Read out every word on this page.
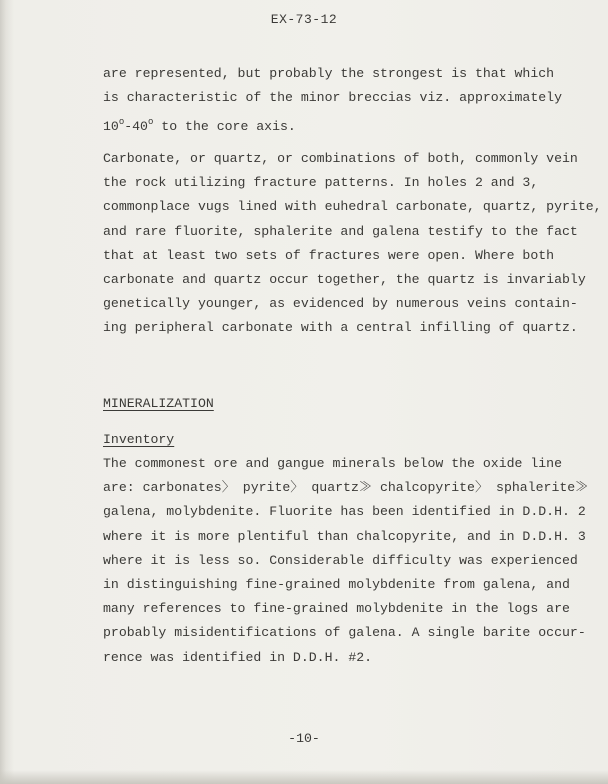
EX-73-12
are represented, but probably the strongest is that which
is characteristic of the minor breccias viz. approximately
10$^o$-40$^o$ to the core axis.
Carbonate, or quartz, or combinations of both, commonly vein
the rock utilizing fracture patterns. In holes 2 and 3,
commonplace vugs lined with euhedral carbonate, quartz, pyrite,
and rare fluorite, sphalerite and galena testify to the fact
that at least two sets of fractures were open. Where both
carbonate and quartz occur together, the quartz is invariably
genetically younger, as evidenced by numerous veins contain-
ing peripheral carbonate with a central infilling of quartz.
MINERALIZATION
Inventory
The commonest ore and gangue minerals below the oxide line
are: carbonates〉 pyrite〉 quartz≫ chalcopyrite〉 sphalerite≫
galena, molybdenite. Fluorite has been identified in D.D.H. 2
where it is more plentiful than chalcopyrite, and in D.D.H. 3
where it is less so. Considerable difficulty was experienced
in distinguishing fine-grained molybdenite from galena, and
many references to fine-grained molybdenite in the logs are
probably misidentifications of galena. A single barite occur-
rence was identified in D.D.H. #2.
-10-
